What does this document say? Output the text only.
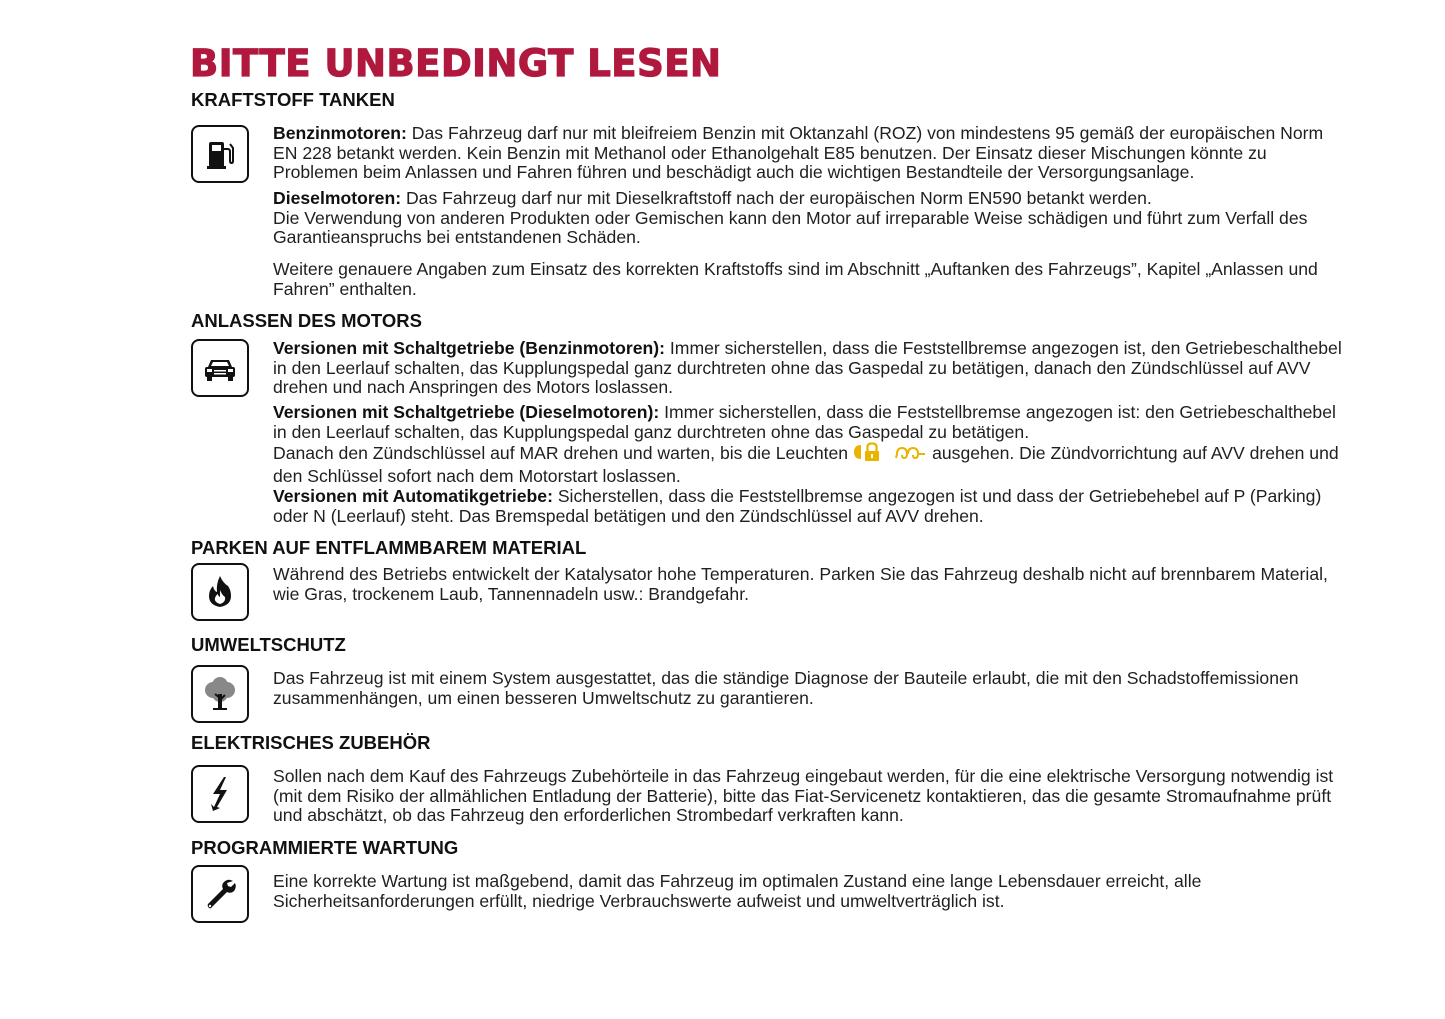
BITTE UNBEDINGT LESEN
KRAFTSTOFF TANKEN

Benzinmotoren: Das Fahrzeug darf nur mit bleifreiem Benzin mit Oktanzahl (ROZ) von mindestens 95 gemäß der europäischen Norm EN 228 betankt werden. Kein Benzin mit Methanol oder Ethanolgehalt E85 benutzen. Der Einsatz dieser Mischungen könnte zu Problemen beim Anlassen und Fahren führen und beschädigt auch die wichtigen Bestandteile der Versorgungsanlage.

Dieselmotoren: Das Fahrzeug darf nur mit Dieselkraftstoff nach der europäischen Norm EN590 betankt werden.
Die Verwendung von anderen Produkten oder Gemischen kann den Motor auf irreparable Weise schädigen und führt zum Verfall des Garantieanspruchs bei entstandenen Schäden.

Weitere genauere Angaben zum Einsatz des korrekten Kraftstoffs sind im Abschnitt „Auftanken des Fahrzeugs”, Kapitel „Anlassen und Fahren” enthalten.

ANLASSEN DES MOTORS

Versionen mit Schaltgetriebe (Benzinmotoren): Immer sicherstellen, dass die Feststellbremse angezogen ist, den Getriebeschalthebel in den Leerlauf schalten, das Kupplungspedal ganz durchtreten ohne das Gaspedal zu betätigen, danach den Zündschlüssel auf AVV drehen und nach Anspringen des Motors loslassen.

Versionen mit Schaltgetriebe (Dieselmotoren): Immer sicherstellen, dass die Feststellbremse angezogen ist: den Getriebeschalthebel in den Leerlauf schalten, das Kupplungspedal ganz durchtreten ohne das Gaspedal zu betätigen.
Danach den Zündschlüssel auf MAR drehen und warten, bis die Leuchten	ausgehen. Die Zündvorrichtung auf AVV drehen und den Schlüssel sofort nach dem Motorstart loslassen.

Versionen mit Automatikgetriebe: Sicherstellen, dass die Feststellbremse angezogen ist und dass der Getriebehebel auf P (Parking) oder N (Leerlauf) steht. Das Bremspedal betätigen und den Zündschlüssel auf AVV drehen.

PARKEN AUF ENTFLAMMBAREM MATERIAL

Während des Betriebs entwickelt der Katalysator hohe Temperaturen. Parken Sie das Fahrzeug deshalb nicht auf brennbarem Material, wie Gras, trockenem Laub, Tannennadeln usw.: Brandgefahr.

UMWELTSCHUTZ

Das Fahrzeug ist mit einem System ausgestattet, das die ständige Diagnose der Bauteile erlaubt, die mit den Schadstoffemissionen zusammenhängen, um einen besseren Umweltschutz zu garantieren.

ELEKTRISCHES ZUBEHÖR

Sollen nach dem Kauf des Fahrzeugs Zubehörteile in das Fahrzeug eingebaut werden, für die eine elektrische Versorgung notwendig ist (mit dem Risiko der allmählichen Entladung der Batterie), bitte das Fiat-Servicenetz kontaktieren, das die gesamte Stromaufnahme prüft und abschätzt, ob das Fahrzeug den erforderlichen Strombedarf verkraften kann.

PROGRAMMIERTE WARTUNG

Eine korrekte Wartung ist maßgebend, damit das Fahrzeug im optimalen Zustand eine lange Lebensdauer erreicht, alle Sicherheitsanforderungen erfüllt, niedrige Verbrauchswerte aufweist und umweltverträglich ist.
